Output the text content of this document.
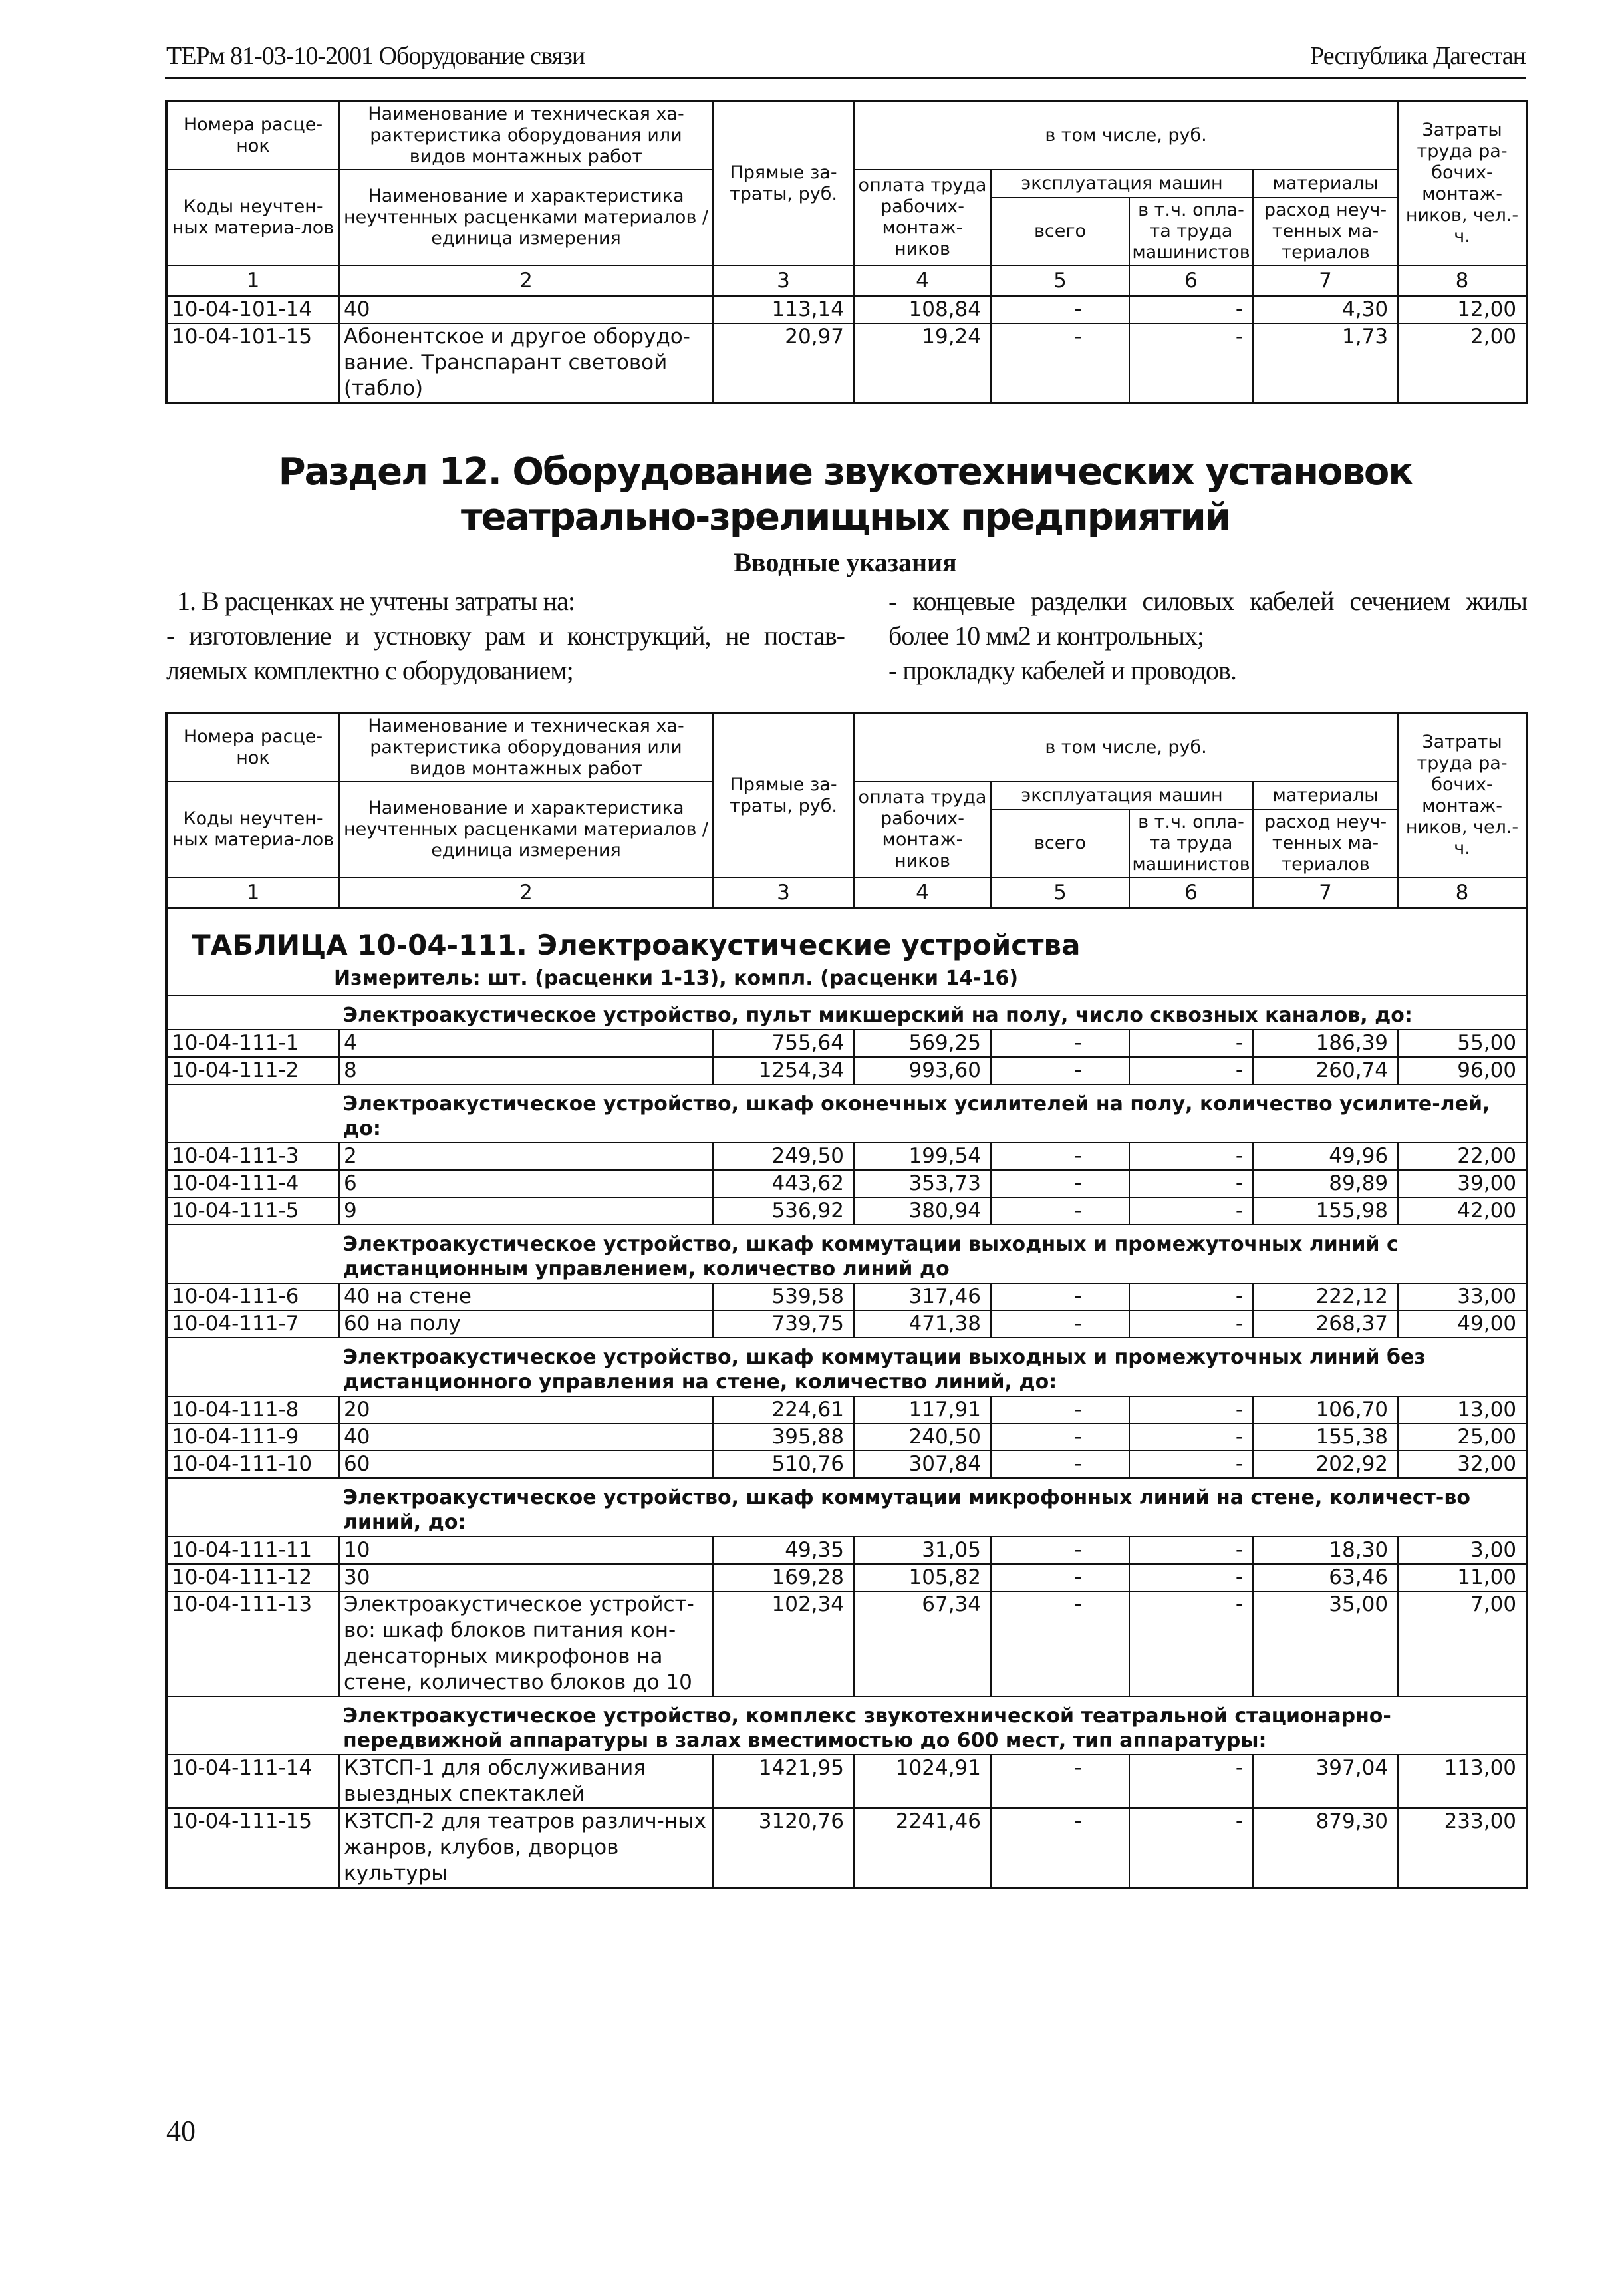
ТЕРм 81-03-10-2001 Оборудование связи	Республика Дагестан
Номера расце-нок	Наименование и техническая ха-рактеристика оборудования или видов монтажных работ	Прямые за-траты, руб.	в том числе, руб.				Затраты труда ра-бочих-монтаж-ников, чел.-ч.
Коды неучтен-ных материа-лов	Наименование и характеристика неучтенных расценками материалов / единица измерения		оплата труда рабочих-монтаж-ников	эксплуатация машин		материалы	
				всего	в т.ч. опла-та труда машинистов	расход неуч-тенных ма-териалов	
1	2	3	4	5	6	7	8
10-04-101-14	40	113,14	108,84	-	-	4,30	12,00
10-04-101-15	Абонентское и другое оборудо-вание. Транспарант световой (табло)	20,97	19,24	-	-	1,73	2,00
Раздел 12. Оборудование звукотехнических установок
театрально-зрелищных предприятий
Вводные указания
1. В расценках не учтены затраты на:
- изготовление и устновку рам и конструкций, не постав-ляемых комплектно с оборудованием;
- концевые разделки силовых кабелей сечением жилы более 10 мм2 и контрольных;
- прокладку кабелей и проводов.
Номера расце-нок	Наименование и техническая ха-рактеристика оборудования или видов монтажных работ	Прямые за-траты, руб.	в том числе, руб.				Затраты труда ра-бочих-монтаж-ников, чел.-ч.
Коды неучтен-ных материа-лов	Наименование и характеристика неучтенных расценками материалов / единица измерения		оплата труда рабочих-монтаж-ников	эксплуатация машин		материалы	
				всего	в т.ч. опла-та труда машинистов	расход неуч-тенных ма-териалов	
1	2	3	4	5	6	7	8

ТАБЛИЦА 10-04-111. Электроакустические устройства
Измеритель: шт. (расценки 1-13), компл. (расценки 14-16)							

	Электроакустическое устройство, пульт микшерский на полу, число сквозных каналов, до:						
10-04-111-1	4	755,64	569,25	-	-	186,39	55,00
10-04-111-2	8	1254,34	993,60	-	-	260,74	96,00
	Электроакустическое устройство, шкаф оконечных усилителей на полу, количество усилите-лей, до:						
10-04-111-3	2	249,50	199,54	-	-	49,96	22,00
10-04-111-4	6	443,62	353,73	-	-	89,89	39,00
10-04-111-5	9	536,92	380,94	-	-	155,98	42,00
	Электроакустическое устройство, шкаф коммутации выходных и промежуточных линий с дистанционным управлением, количество линий до						
10-04-111-6	40 на стене	539,58	317,46	-	-	222,12	33,00
10-04-111-7	60 на полу	739,75	471,38	-	-	268,37	49,00
	Электроакустическое устройство, шкаф коммутации выходных и промежуточных линий без дистанционного управления на стене, количество линий, до:						
10-04-111-8	20	224,61	117,91	-	-	106,70	13,00
10-04-111-9	40	395,88	240,50	-	-	155,38	25,00
10-04-111-10	60	510,76	307,84	-	-	202,92	32,00
	Электроакустическое устройство, шкаф коммутации микрофонных линий на стене, количест-во линий, до:						
10-04-111-11	10	49,35	31,05	-	-	18,30	3,00
10-04-111-12	30	169,28	105,82	-	-	63,46	11,00
10-04-111-13	Электроакустическое устройст-во: шкаф блоков питания кон-денсаторных микрофонов на стене, количество блоков до 10	102,34	67,34	-	-	35,00	7,00
	Электроакустическое устройство, комплекс звукотехнической театральной стационарно-передвижной аппаратуры в залах вместимостью до 600 мест, тип аппаратуры:						
10-04-111-14	КЗТСП-1 для обслуживания выездных спектаклей	1421,95	1024,91	-	-	397,04	113,00
10-04-111-15	КЗТСП-2 для театров различ-ных жанров, клубов, дворцов культуры	3120,76	2241,46	-	-	879,30	233,00
40
